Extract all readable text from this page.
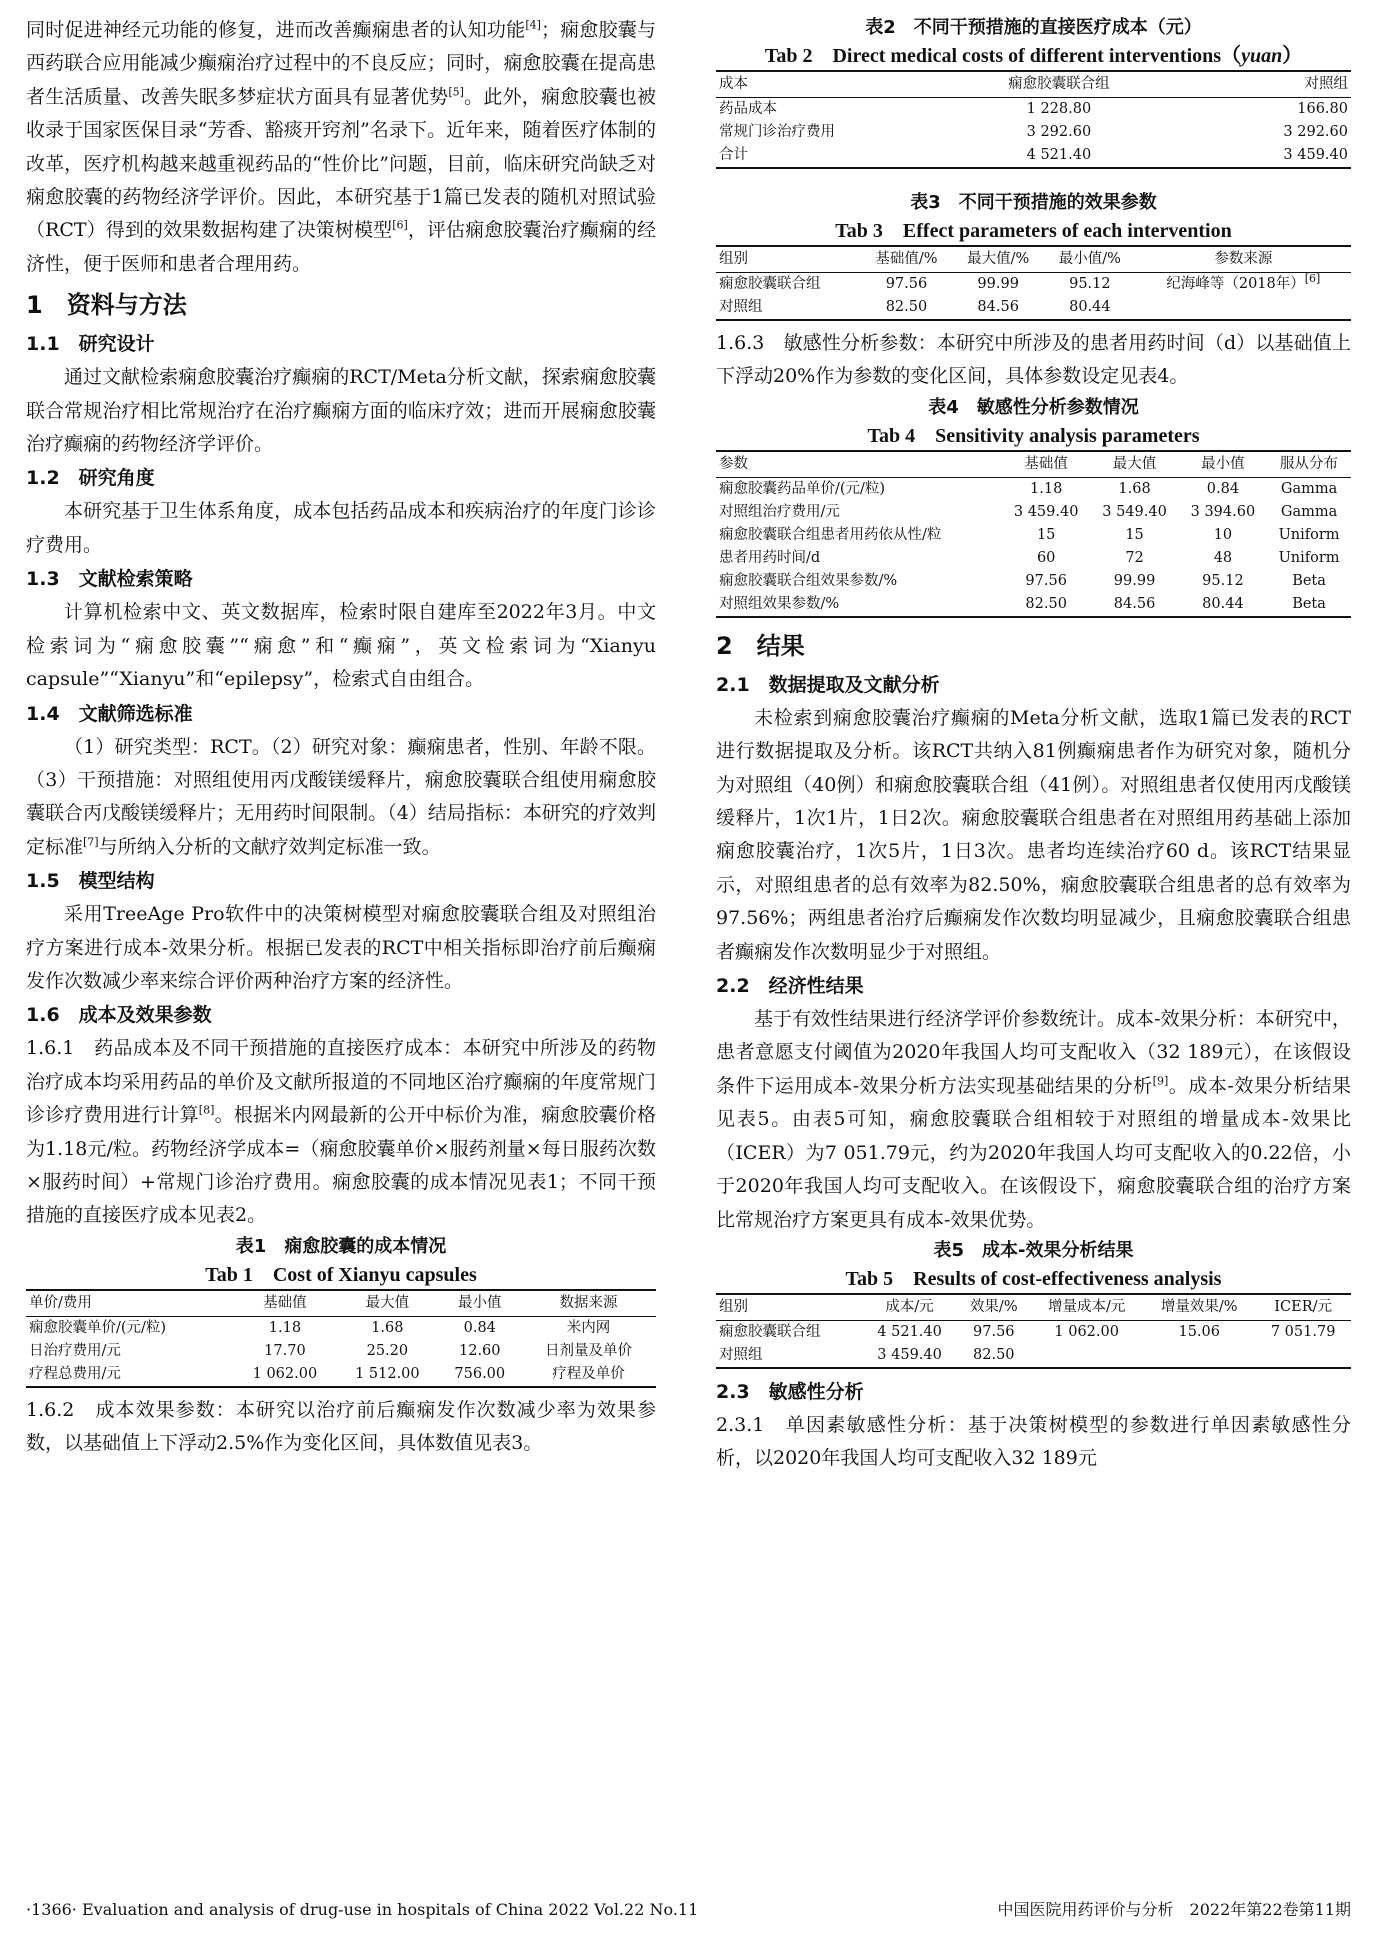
同时促进神经元功能的修复，进而改善癫痫患者的认知功能[4]；痫愈胶囊与西药联合应用能减少癫痫治疗过程中的不良反应；同时，痫愈胶囊在提高患者生活质量、改善失眠多梦症状方面具有显著优势[5]。此外，痫愈胶囊也被收录于国家医保目录“芳香、豁痰开窍剂”名录下。近年来，随着医疗体制的改革，医疗机构越来越重视药品的“性价比”问题，目前，临床研究尚缺乏对痫愈胶囊的药物经济学评价。因此，本研究基于1篇已发表的随机对照试验（RCT）得到的效果数据构建了决策树模型[6]，评估痫愈胶囊治疗癫痫的经济性，便于医师和患者合理用药。

1　资料与方法
1.1　研究设计

通过文献检索痫愈胶囊治疗癫痫的RCT/Meta分析文献，探索痫愈胶囊联合常规治疗相比常规治疗在治疗癫痫方面的临床疗效；进而开展痫愈胶囊治疗癫痫的药物经济学评价。

1.2　研究角度

本研究基于卫生体系角度，成本包括药品成本和疾病治疗的年度门诊诊疗费用。

1.3　文献检索策略

计算机检索中文、英文数据库，检索时限自建库至2022年3月。中文检索词为“痫愈胶囊”“痫愈”和“癫痫”，英文检索词为“Xianyu capsule”“Xianyu”和“epilepsy”，检索式自由组合。

1.4　文献筛选标准

（1）研究类型：RCT。（2）研究对象：癫痫患者，性别、年龄不限。（3）干预措施：对照组使用丙戊酸镁缓释片，痫愈胶囊联合组使用痫愈胶囊联合丙戊酸镁缓释片；无用药时间限制。（4）结局指标：本研究的疗效判定标准[7]与所纳入分析的文献疗效判定标准一致。

1.5　模型结构

采用TreeAge Pro软件中的决策树模型对痫愈胶囊联合组及对照组治疗方案进行成本-效果分析。根据已发表的RCT中相关指标即治疗前后癫痫发作次数减少率来综合评价两种治疗方案的经济性。

1.6　成本及效果参数

1.6.1　药品成本及不同干预措施的直接医疗成本：本研究中所涉及的药物治疗成本均采用药品的单价及文献所报道的不同地区治疗癫痫的年度常规门诊诊疗费用进行计算[8]。根据米内网最新的公开中标价为准，痫愈胶囊价格为1.18元/粒。药物经济学成本=（痫愈胶囊单价×服药剂量×每日服药次数×服药时间）+常规门诊治疗费用。痫愈胶囊的成本情况见表1；不同干预措施的直接医疗成本见表2。

表1　痫愈胶囊的成本情况
Tab 1　Cost of Xianyu capsules
单价/费用	基础值	最大值	最小值	数据来源
痫愈胶囊单价/(元/粒)	1.18	1.68	0.84	米内网
日治疗费用/元	17.70	25.20	12.60	日剂量及单价
疗程总费用/元	1 062.00	1 512.00	756.00	疗程及单价

1.6.2　成本效果参数：本研究以治疗前后癫痫发作次数减少率为效果参数，以基础值上下浮动2.5%作为变化区间，具体数值见表3。

表2　不同干预措施的直接医疗成本（元）
Tab 2　Direct medical costs of different interventions（yuan）
成本	痫愈胶囊联合组	对照组
药品成本	1 228.80	166.80
常规门诊治疗费用	3 292.60	3 292.60
合计	4 521.40	3 459.40
表3　不同干预措施的效果参数
Tab 3　Effect parameters of each intervention
组别	基础值/%	最大值/%	最小值/%	参数来源
痫愈胶囊联合组	97.56	99.99	95.12	纪海峰等（2018年）[6]
对照组	82.50	84.56	80.44	

1.6.3　敏感性分析参数：本研究中所涉及的患者用药时间（d）以基础值上下浮动20%作为参数的变化区间，具体参数设定见表4。

表4　敏感性分析参数情况
Tab 4　Sensitivity analysis parameters
参数	基础值	最大值	最小值	服从分布
痫愈胶囊药品单价/(元/粒)	1.18	1.68	0.84	Gamma
对照组治疗费用/元	3 459.40	3 549.40	3 394.60	Gamma
痫愈胶囊联合组患者用药依从性/粒	15	15	10	Uniform
患者用药时间/d	60	72	48	Uniform
痫愈胶囊联合组效果参数/%	97.56	99.99	95.12	Beta
对照组效果参数/%	82.50	84.56	80.44	Beta
2　结果
2.1　数据提取及文献分析

未检索到痫愈胶囊治疗癫痫的Meta分析文献，选取1篇已发表的RCT进行数据提取及分析。该RCT共纳入81例癫痫患者作为研究对象，随机分为对照组（40例）和痫愈胶囊联合组（41例）。对照组患者仅使用丙戊酸镁缓释片，1次1片，1日2次。痫愈胶囊联合组患者在对照组用药基础上添加痫愈胶囊治疗，1次5片，1日3次。患者均连续治疗60 d。该RCT结果显示，对照组患者的总有效率为82.50%，痫愈胶囊联合组患者的总有效率为97.56%；两组患者治疗后癫痫发作次数均明显减少，且痫愈胶囊联合组患者癫痫发作次数明显少于对照组。

2.2　经济性结果

基于有效性结果进行经济学评价参数统计。成本-效果分析：本研究中，患者意愿支付阈值为2020年我国人均可支配收入（32 189元），在该假设条件下运用成本-效果分析方法实现基础结果的分析[9]。成本-效果分析结果见表5。由表5可知，痫愈胶囊联合组相较于对照组的增量成本-效果比（ICER）为7 051.79元，约为2020年我国人均可支配收入的0.22倍，小于2020年我国人均可支配收入。在该假设下，痫愈胶囊联合组的治疗方案比常规治疗方案更具有成本-效果优势。

表5　成本-效果分析结果
Tab 5　Results of cost-effectiveness analysis
组别	成本/元	效果/%	增量成本/元	增量效果/%	ICER/元
痫愈胶囊联合组	4 521.40	97.56	1 062.00	15.06	7 051.79
对照组	3 459.40	82.50			
2.3　敏感性分析

2.3.1　单因素敏感性分析：基于决策树模型的参数进行单因素敏感性分析，以2020年我国人均可支配收入32 189元

·1366· Evaluation and analysis of drug-use in hospitals of China 2022 Vol.22 No.11	中国医院用药评价与分析　2022年第22卷第11期
